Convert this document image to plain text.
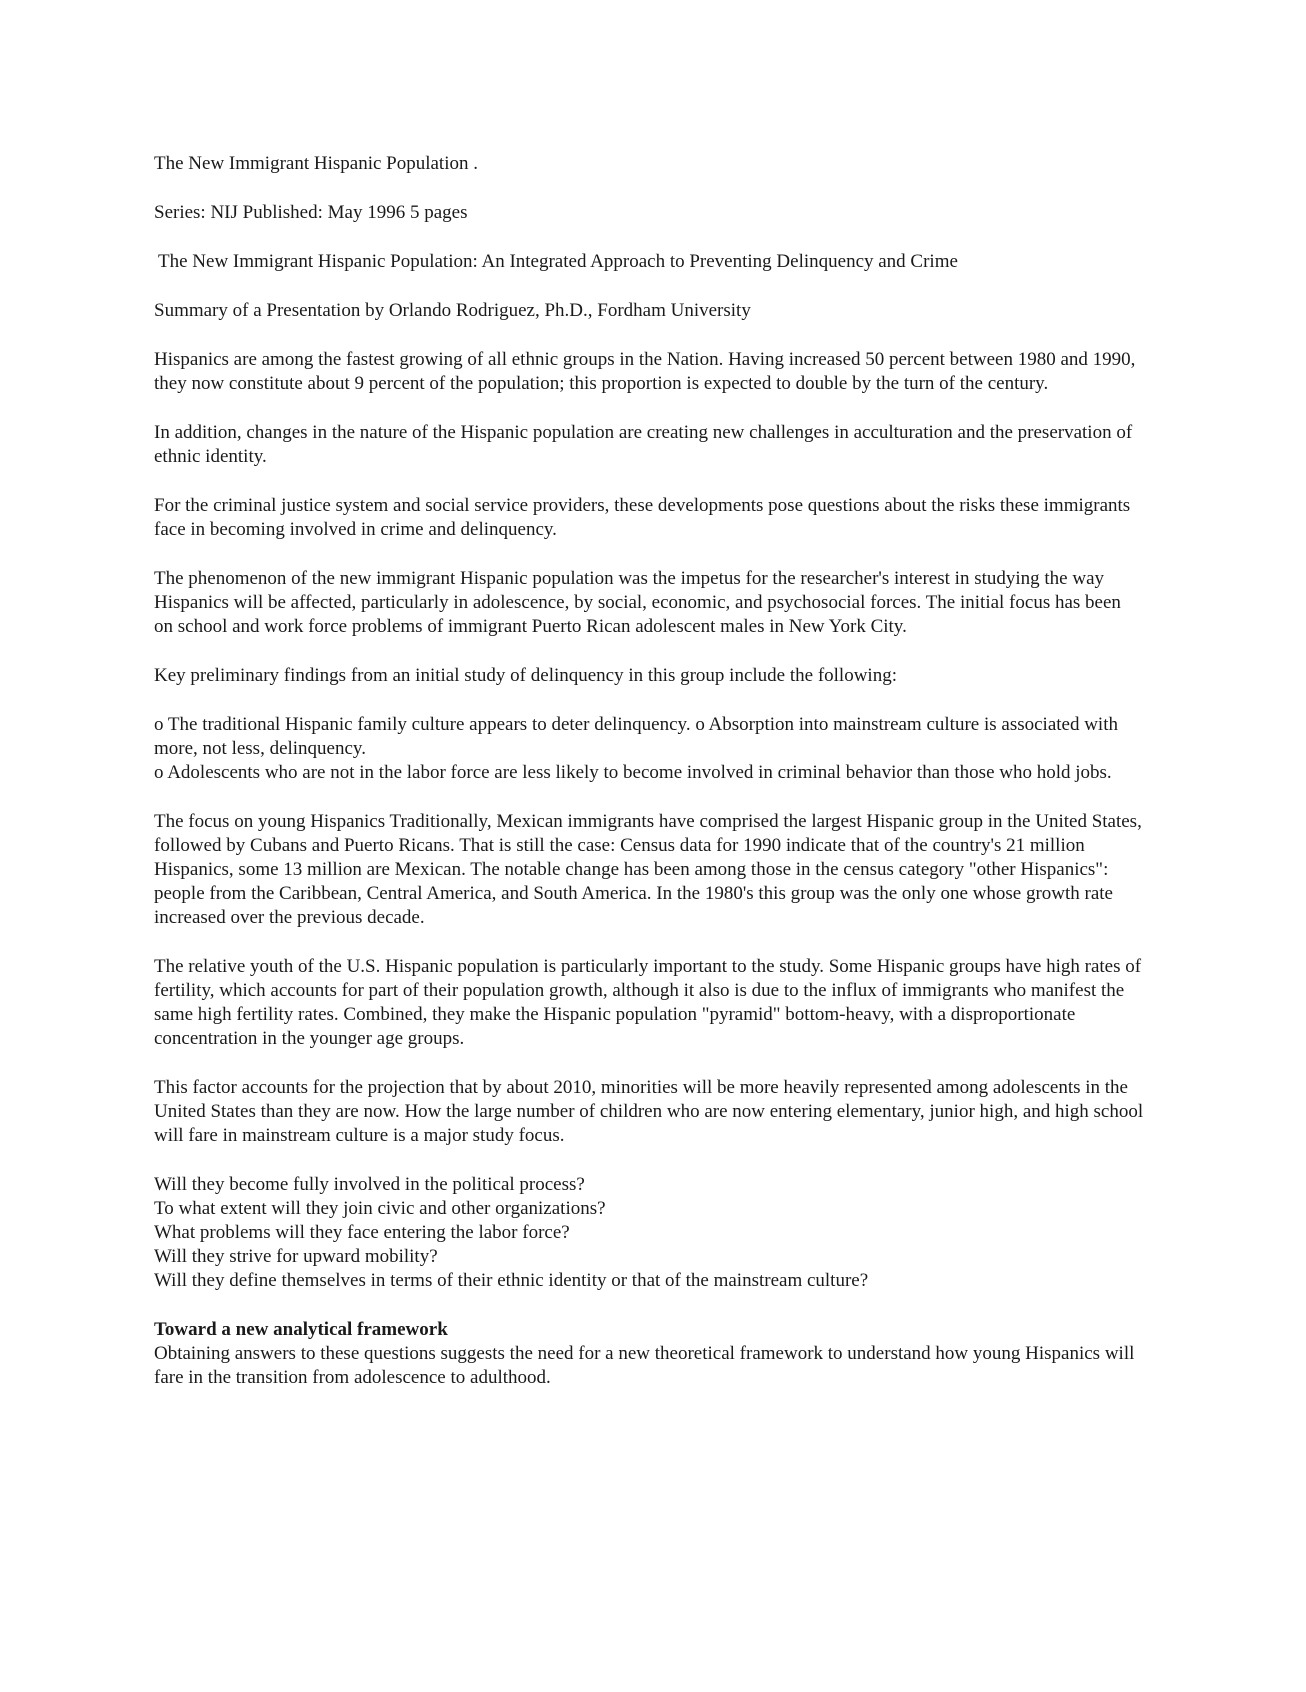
The New Immigrant Hispanic Population .

Series: NIJ Published: May 1996 5 pages

The New Immigrant Hispanic Population: An Integrated Approach to Preventing Delinquency and Crime

Summary of a Presentation by Orlando Rodriguez, Ph.D., Fordham University

Hispanics are among the fastest growing of all ethnic groups in the Nation. Having increased 50 percent between 1980 and 1990, they now constitute about 9 percent of the population; this proportion is expected to double by the turn of the century.

In addition, changes in the nature of the Hispanic population are creating new challenges in acculturation and the preservation of ethnic identity.

For the criminal justice system and social service providers, these developments pose questions about the risks these immigrants face in becoming involved in crime and delinquency.

The phenomenon of the new immigrant Hispanic population was the impetus for the researcher's interest in studying the way Hispanics will be affected, particularly in adolescence, by social, economic, and psychosocial forces. The initial focus has been on school and work force problems of immigrant Puerto Rican adolescent males in New York City.

Key preliminary findings from an initial study of delinquency in this group include the following:

o The traditional Hispanic family culture appears to deter delinquency. o Absorption into mainstream culture is associated with more, not less, delinquency.
o Adolescents who are not in the labor force are less likely to become involved in criminal behavior than those who hold jobs.

The focus on young Hispanics Traditionally, Mexican immigrants have comprised the largest Hispanic group in the United States, followed by Cubans and Puerto Ricans. That is still the case: Census data for 1990 indicate that of the country's 21 million Hispanics, some 13 million are Mexican. The notable change has been among those in the census category "other Hispanics": people from the Caribbean, Central America, and South America. In the 1980's this group was the only one whose growth rate increased over the previous decade.

The relative youth of the U.S. Hispanic population is particularly important to the study. Some Hispanic groups have high rates of fertility, which accounts for part of their population growth, although it also is due to the influx of immigrants who manifest the same high fertility rates. Combined, they make the Hispanic population "pyramid" bottom-heavy, with a disproportionate concentration in the younger age groups.

This factor accounts for the projection that by about 2010, minorities will be more heavily represented among adolescents in the United States than they are now. How the large number of children who are now entering elementary, junior high, and high school will fare in mainstream culture is a major study focus.

Will they become fully involved in the political process?
To what extent will they join civic and other organizations?
What problems will they face entering the labor force?
Will they strive for upward mobility?
Will they define themselves in terms of their ethnic identity or that of the mainstream culture?
Toward a new analytical framework

Obtaining answers to these questions suggests the need for a new theoretical framework to understand how young Hispanics will fare in the transition from adolescence to adulthood.
